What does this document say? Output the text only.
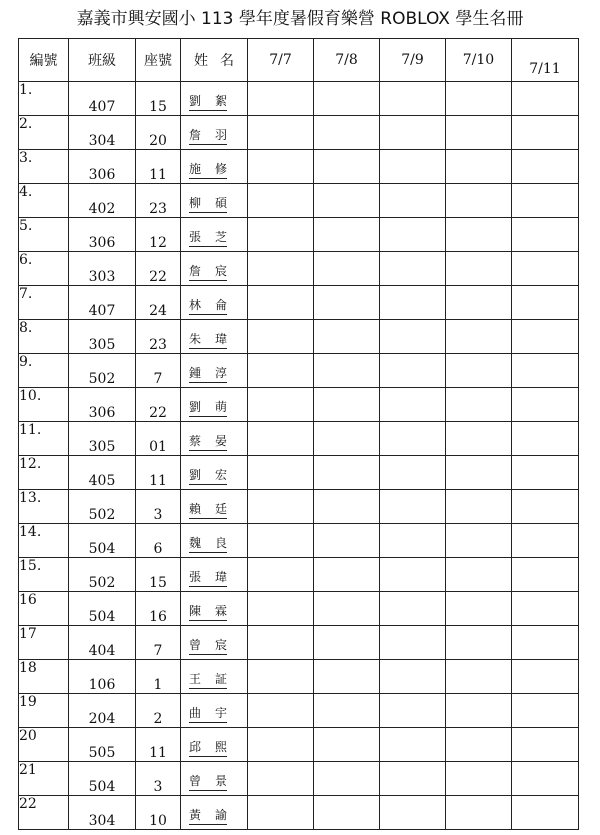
嘉義市興安國小 113 學年度暑假育樂營 ROBLOX 學生名冊
編號	班級	座號	姓名	7/7	7/8	7/9	7/10	7/11
1.	407	15	劉 絮					

2.	304	20	詹 羽					

3.	306	11	施 修					

4.	402	23	柳 碩					

5.	306	12	張 芝					

6.	303	22	詹 宸					

7.	407	24	林 侖					

8.	305	23	朱 瑋					

9.	502	7	鍾 淳					

10.	306	22	劉 萌					

11.	305	01	蔡 晏					

12.	405	11	劉 宏					

13.	502	3	賴 廷					

14.	504	6	魏 良					

15.	502	15	張 瑋					

16	504	16	陳 霖					

17	404	7	曾 宸					

18	106	1	王 証					

19	204	2	曲 宇					

20	505	11	邱 熙					

21	504	3	曾 景					

22	304	10	黃 諭					
